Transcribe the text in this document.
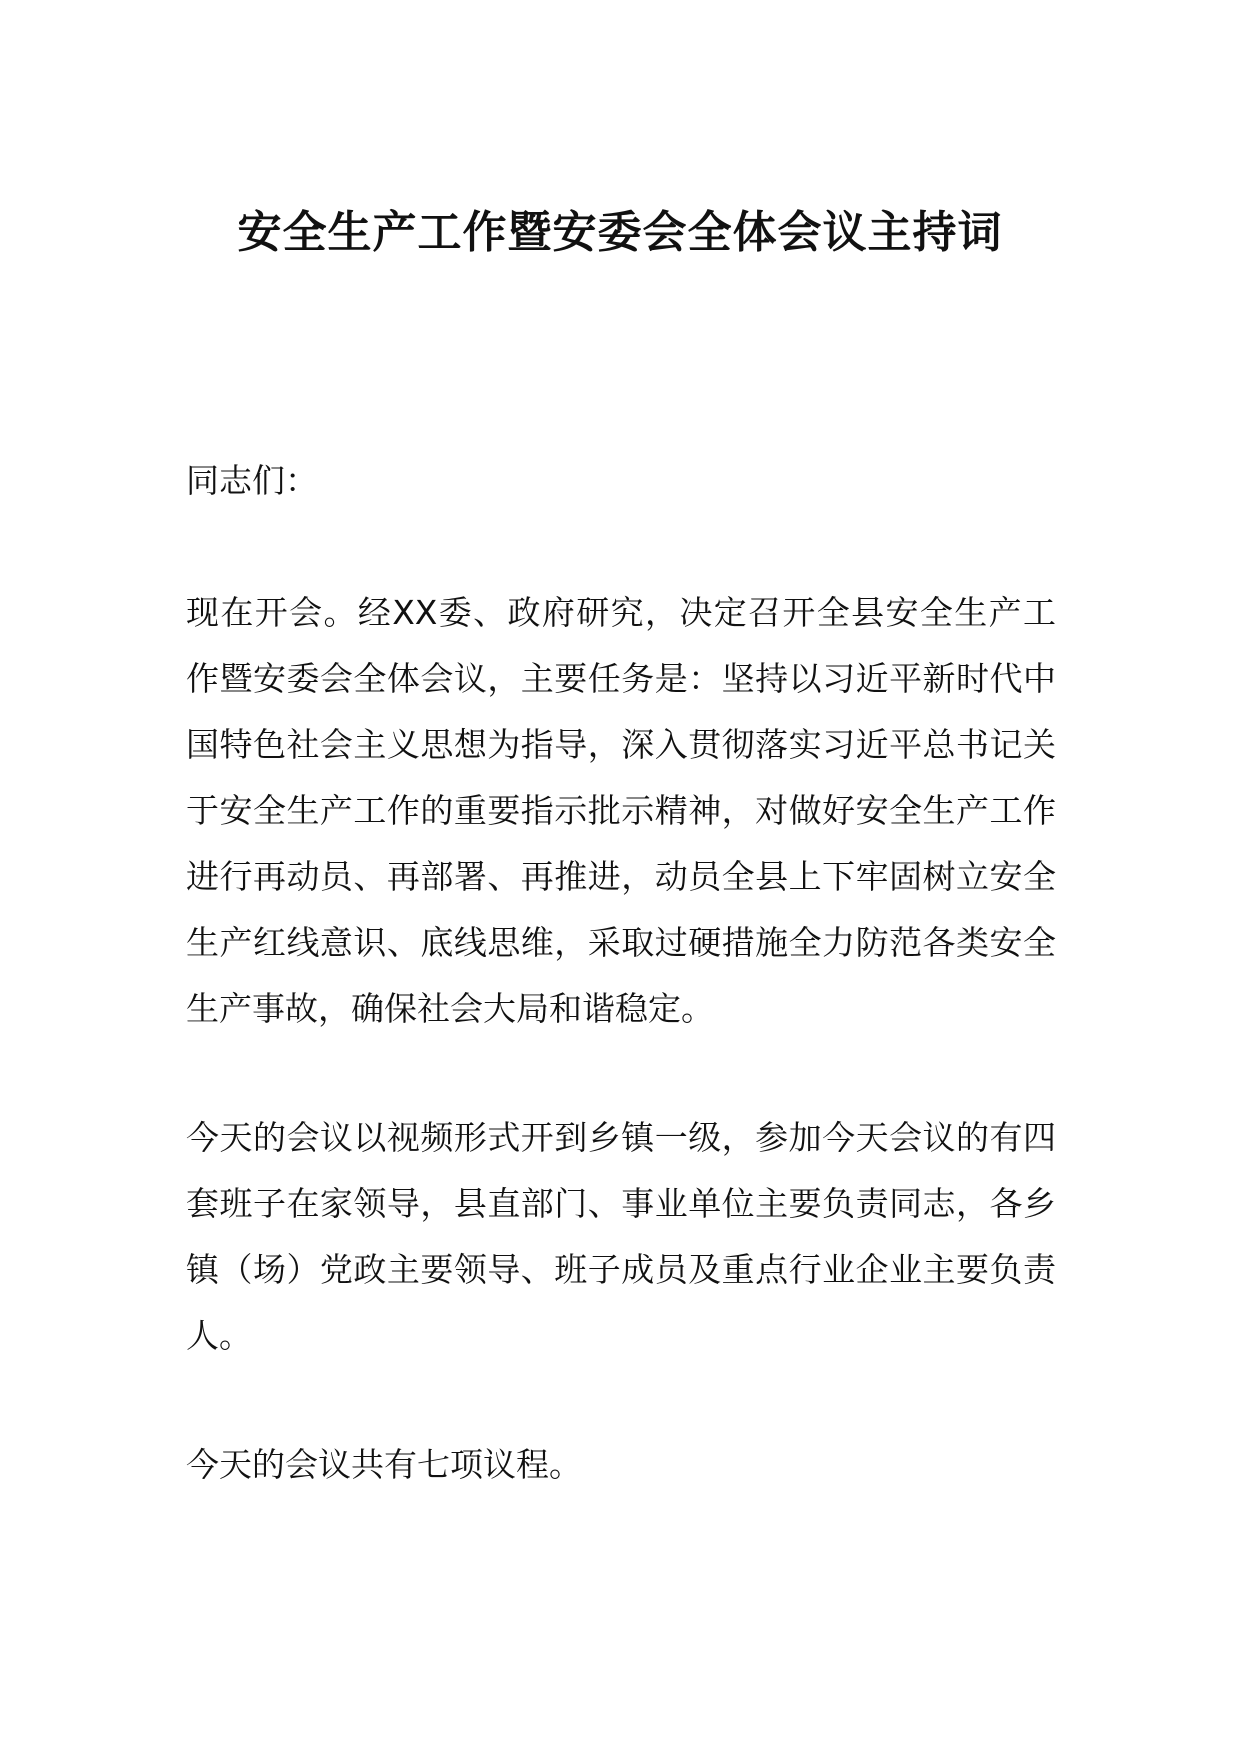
安全生产工作暨安委会全体会议主持词

同志们：

现在开会。经XX委、政府研究，决定召开全县安全生产工作暨安委会全体会议，主要任务是：坚持以习近平新时代中国特色社会主义思想为指导，深入贯彻落实习近平总书记关于安全生产工作的重要指示批示精神，对做好安全生产工作进行再动员、再部署、再推进，动员全县上下牢固树立安全生产红线意识、底线思维，采取过硬措施全力防范各类安全生产事故，确保社会大局和谐稳定。

今天的会议以视频形式开到乡镇一级，参加今天会议的有四套班子在家领导，县直部门、事业单位主要负责同志，各乡镇（场）党政主要领导、班子成员及重点行业企业主要负责人。

今天的会议共有七项议程。
